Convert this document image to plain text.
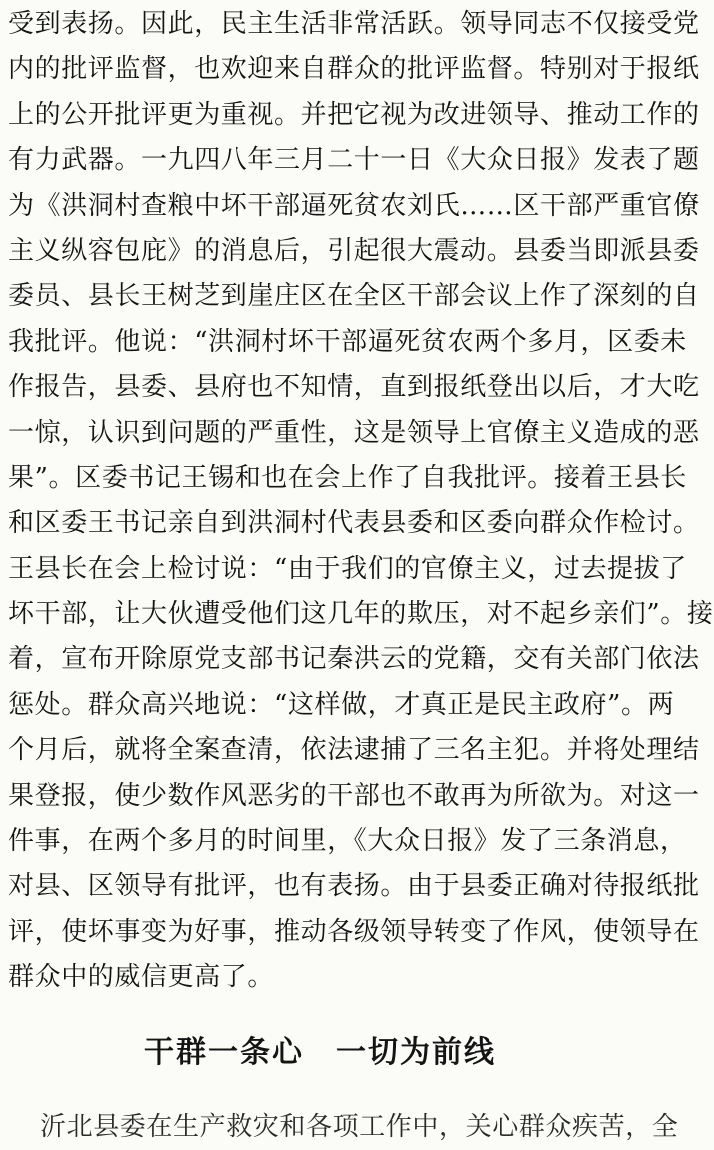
受到表扬。因此，民主生活非常活跃。领导同志不仅接受党
内的批评监督，也欢迎来自群众的批评监督。特别对于报纸
上的公开批评更为重视。并把它视为改进领导、推动工作的
有力武器。一九四八年三月二十一日《大众日报》发表了题
为《洪洞村查粮中坏干部逼死贫农刘氏……区干部严重官僚
主义纵容包庇》的消息后，引起很大震动。县委当即派县委
委员、县长王树芝到崖庄区在全区干部会议上作了深刻的自
我批评。他说：“洪洞村坏干部逼死贫农两个多月，区委未
作报告，县委、县府也不知情，直到报纸登出以后，才大吃
一惊，认识到问题的严重性，这是领导上官僚主义造成的恶
果”。区委书记王锡和也在会上作了自我批评。接着王县长
和区委王书记亲自到洪洞村代表县委和区委向群众作检讨。
王县长在会上检讨说：“由于我们的官僚主义，过去提拔了
坏干部，让大伙遭受他们这几年的欺压，对不起乡亲们”。接
着，宣布开除原党支部书记秦洪云的党籍，交有关部门依法
惩处。群众高兴地说：“这样做，才真正是民主政府”。两
个月后，就将全案查清，依法逮捕了三名主犯。并将处理结
果登报，使少数作风恶劣的干部也不敢再为所欲为。对这一
件事，在两个多月的时间里，《大众日报》发了三条消息，
对县、区领导有批评，也有表扬。由于县委正确对待报纸批
评，使坏事变为好事，推动各级领导转变了作风，使领导在
群众中的威信更高了。
干群一条心　一切为前线
沂北县委在生产救灾和各项工作中，关心群众疾苦，全
